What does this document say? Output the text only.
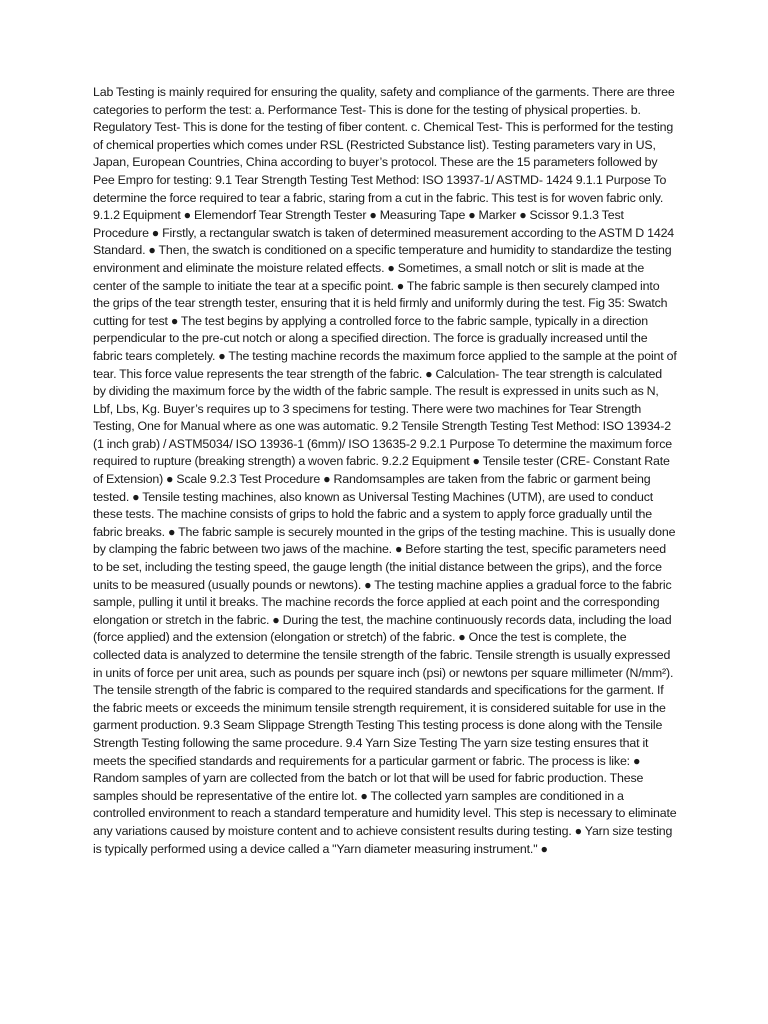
Lab Testing is mainly required for ensuring the quality, safety and compliance of the garments. There are three categories to perform the test: a. Performance Test- This is done for the testing of physical properties. b. Regulatory Test- This is done for the testing of fiber content. c. Chemical Test- This is performed for the testing of chemical properties which comes under RSL (Restricted Substance list). Testing parameters vary in US, Japan, European Countries, China according to buyer’s protocol. These are the 15 parameters followed by Pee Empro for testing: 9.1 Tear Strength Testing Test Method: ISO 13937-1/ ASTMD- 1424 9.1.1 Purpose To determine the force required to tear a fabric, staring from a cut in the fabric. This test is for woven fabric only. 9.1.2 Equipment ● Elemendorf Tear Strength Tester ● Measuring Tape ● Marker ● Scissor 9.1.3 Test Procedure ● Firstly, a rectangular swatch is taken of determined measurement according to the ASTM D 1424 Standard. ● Then, the swatch is conditioned on a specific temperature and humidity to standardize the testing environment and eliminate the moisture related effects. ● Sometimes, a small notch or slit is made at the center of the sample to initiate the tear at a specific point. ● The fabric sample is then securely clamped into the grips of the tear strength tester, ensuring that it is held firmly and uniformly during the test. Fig 35: Swatch cutting for test ● The test begins by applying a controlled force to the fabric sample, typically in a direction perpendicular to the pre-cut notch or along a specified direction. The force is gradually increased until the fabric tears completely. ● The testing machine records the maximum force applied to the sample at the point of tear. This force value represents the tear strength of the fabric. ● Calculation- The tear strength is calculated by dividing the maximum force by the width of the fabric sample. The result is expressed in units such as N, Lbf, Lbs, Kg. Buyer’s requires up to 3 specimens for testing. There were two machines for Tear Strength Testing, One for Manual where as one was automatic. 9.2 Tensile Strength Testing Test Method: ISO 13934-2 (1 inch grab) / ASTM5034/ ISO 13936-1 (6mm)/ ISO 13635-2 9.2.1 Purpose To determine the maximum force required to rupture (breaking strength) a woven fabric. 9.2.2 Equipment ● Tensile tester (CRE- Constant Rate of Extension) ● Scale 9.2.3 Test Procedure ● Randomsamples are taken from the fabric or garment being tested. ● Tensile testing machines, also known as Universal Testing Machines (UTM), are used to conduct these tests. The machine consists of grips to hold the fabric and a system to apply force gradually until the fabric breaks. ● The fabric sample is securely mounted in the grips of the testing machine. This is usually done by clamping the fabric between two jaws of the machine. ● Before starting the test, specific parameters need to be set, including the testing speed, the gauge length (the initial distance between the grips), and the force units to be measured (usually pounds or newtons). ● The testing machine applies a gradual force to the fabric sample, pulling it until it breaks. The machine records the force applied at each point and the corresponding elongation or stretch in the fabric. ● During the test, the machine continuously records data, including the load (force applied) and the extension (elongation or stretch) of the fabric. ● Once the test is complete, the collected data is analyzed to determine the tensile strength of the fabric. Tensile strength is usually expressed in units of force per unit area, such as pounds per square inch (psi) or newtons per square millimeter (N/mm²). The tensile strength of the fabric is compared to the required standards and specifications for the garment. If the fabric meets or exceeds the minimum tensile strength requirement, it is considered suitable for use in the garment production. 9.3 Seam Slippage Strength Testing This testing process is done along with the Tensile Strength Testing following the same procedure. 9.4 Yarn Size Testing The yarn size testing ensures that it meets the specified standards and requirements for a particular garment or fabric. The process is like: ● Random samples of yarn are collected from the batch or lot that will be used for fabric production. These samples should be representative of the entire lot. ● The collected yarn samples are conditioned in a controlled environment to reach a standard temperature and humidity level. This step is necessary to eliminate any variations caused by moisture content and to achieve consistent results during testing. ● Yarn size testing is typically performed using a device called a "Yarn diameter measuring instrument." ●
